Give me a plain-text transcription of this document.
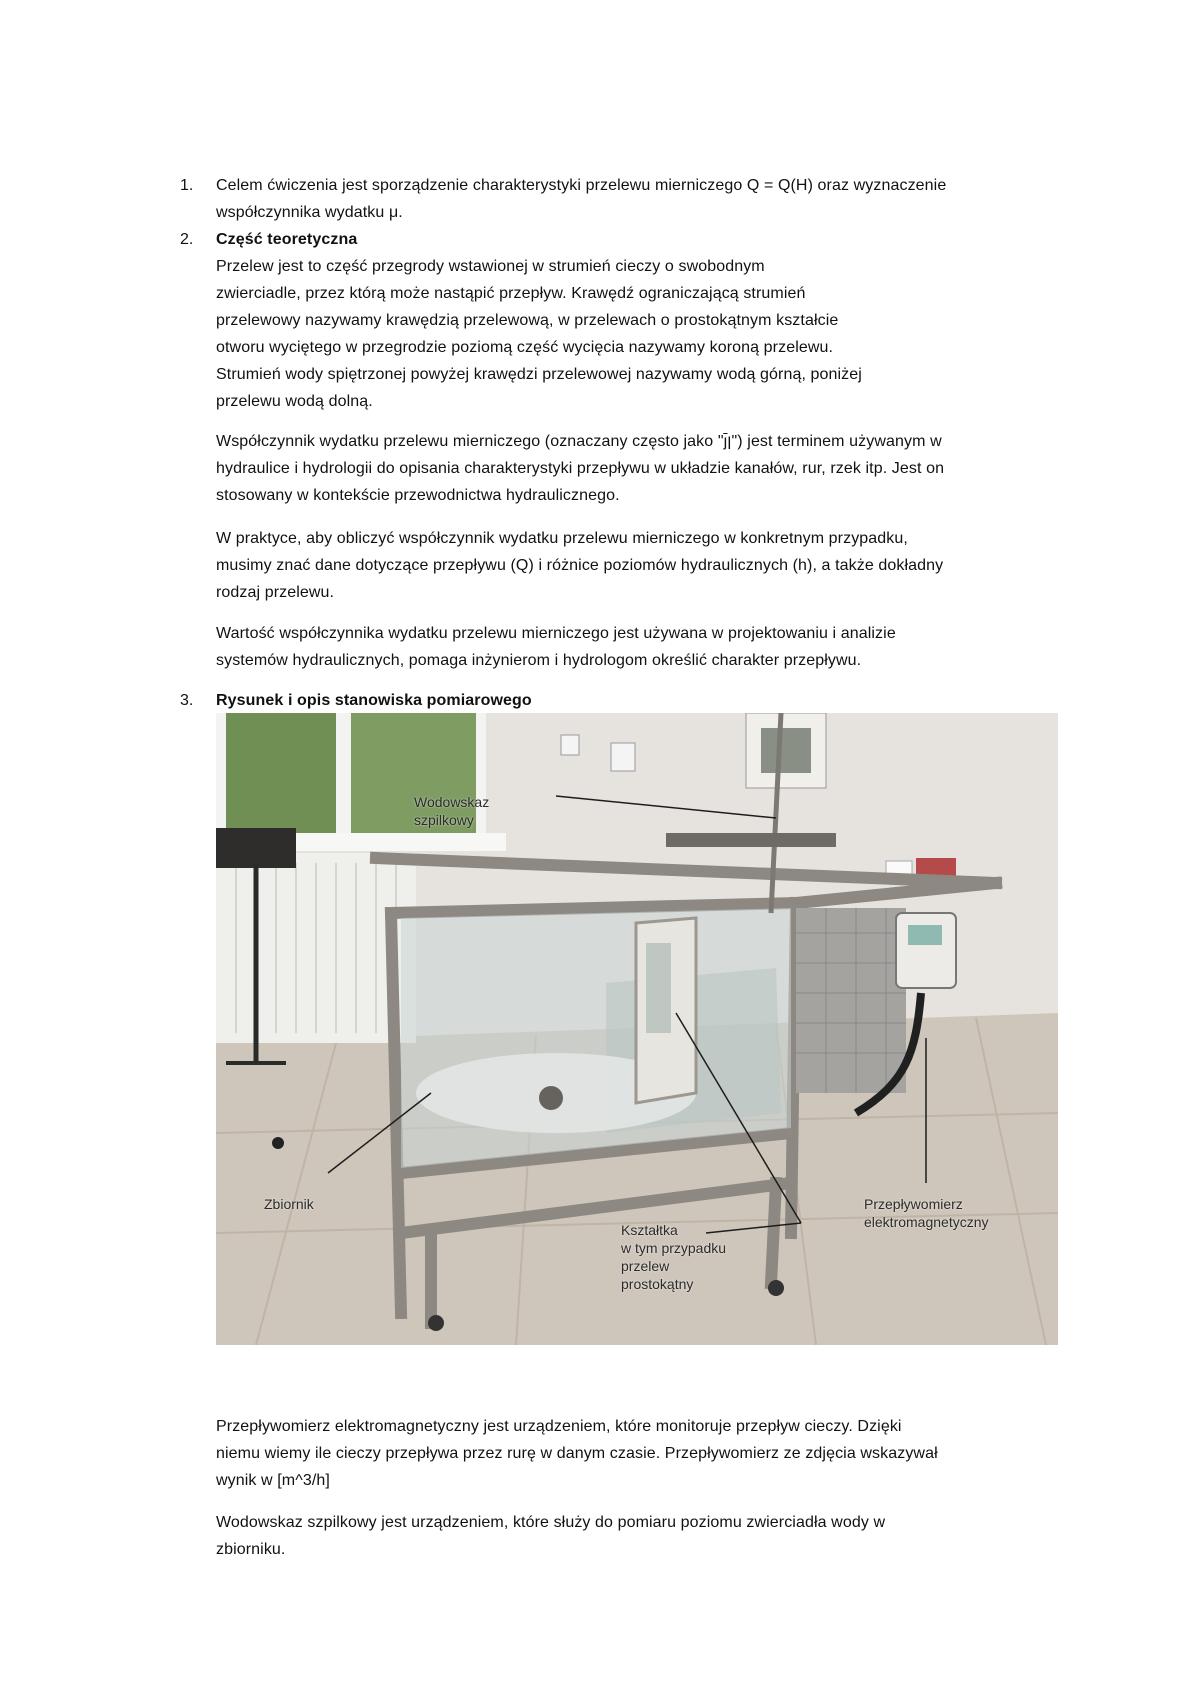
1. Celem ćwiczenia jest sporządzenie charakterystyki przelewu mierniczego Q = Q(H) oraz wyznaczenie
współczynnika wydatku μ.
2. Część teoretyczna
Przelew jest to część przegrody wstawionej w strumień cieczy o swobodnym
zwierciadle, przez którą może nastąpić przepływ. Krawędź ograniczającą strumień
przelewowy nazywamy krawędzią przelewową, w przelewach o prostokątnym kształcie
otworu wyciętego w przegrodzie poziomą część wycięcia nazywamy koroną przelewu.
Strumień wody spiętrzonej powyżej krawędzi przelewowej nazywamy wodą górną, poniżej
przelewu wodą dolną.
Współczynnik wydatku przelewu mierniczego (oznaczany często jako "ȷ̄ן") jest terminem używanym w
hydraulice i hydrologii do opisania charakterystyki przepływu w układzie kanałów, rur, rzek itp. Jest on
stosowany w kontekście przewodnictwa hydraulicznego.
W praktyce, aby obliczyć współczynnik wydatku przelewu mierniczego w konkretnym przypadku,
musimy znać dane dotyczące przepływu (Q) i różnice poziomów hydraulicznych (h), a także dokładny
rodzaj przelewu.
Wartość współczynnika wydatku przelewu mierniczego jest używana w projektowaniu i analizie
systemów hydraulicznych, pomaga inżynierom i hydrologom określić charakter przepływu.
3. Rysunek i opis stanowiska pomiarowego
Wodowskaz
szpilkowy
Zbiornik	Przepływomierz
elektromagnetyczny
Kształtka
w tym przypadku
przelew
prostokątny
Przepływomierz elektromagnetyczny jest urządzeniem, które monitoruje przepływ cieczy. Dzięki
niemu wiemy ile cieczy przepływa przez rurę w danym czasie. Przepływomierz ze zdjęcia wskazywał
wynik w [m^3/h]
Wodowskaz szpilkowy jest urządzeniem, które służy do pomiaru poziomu zwierciadła wody w
zbiorniku.
